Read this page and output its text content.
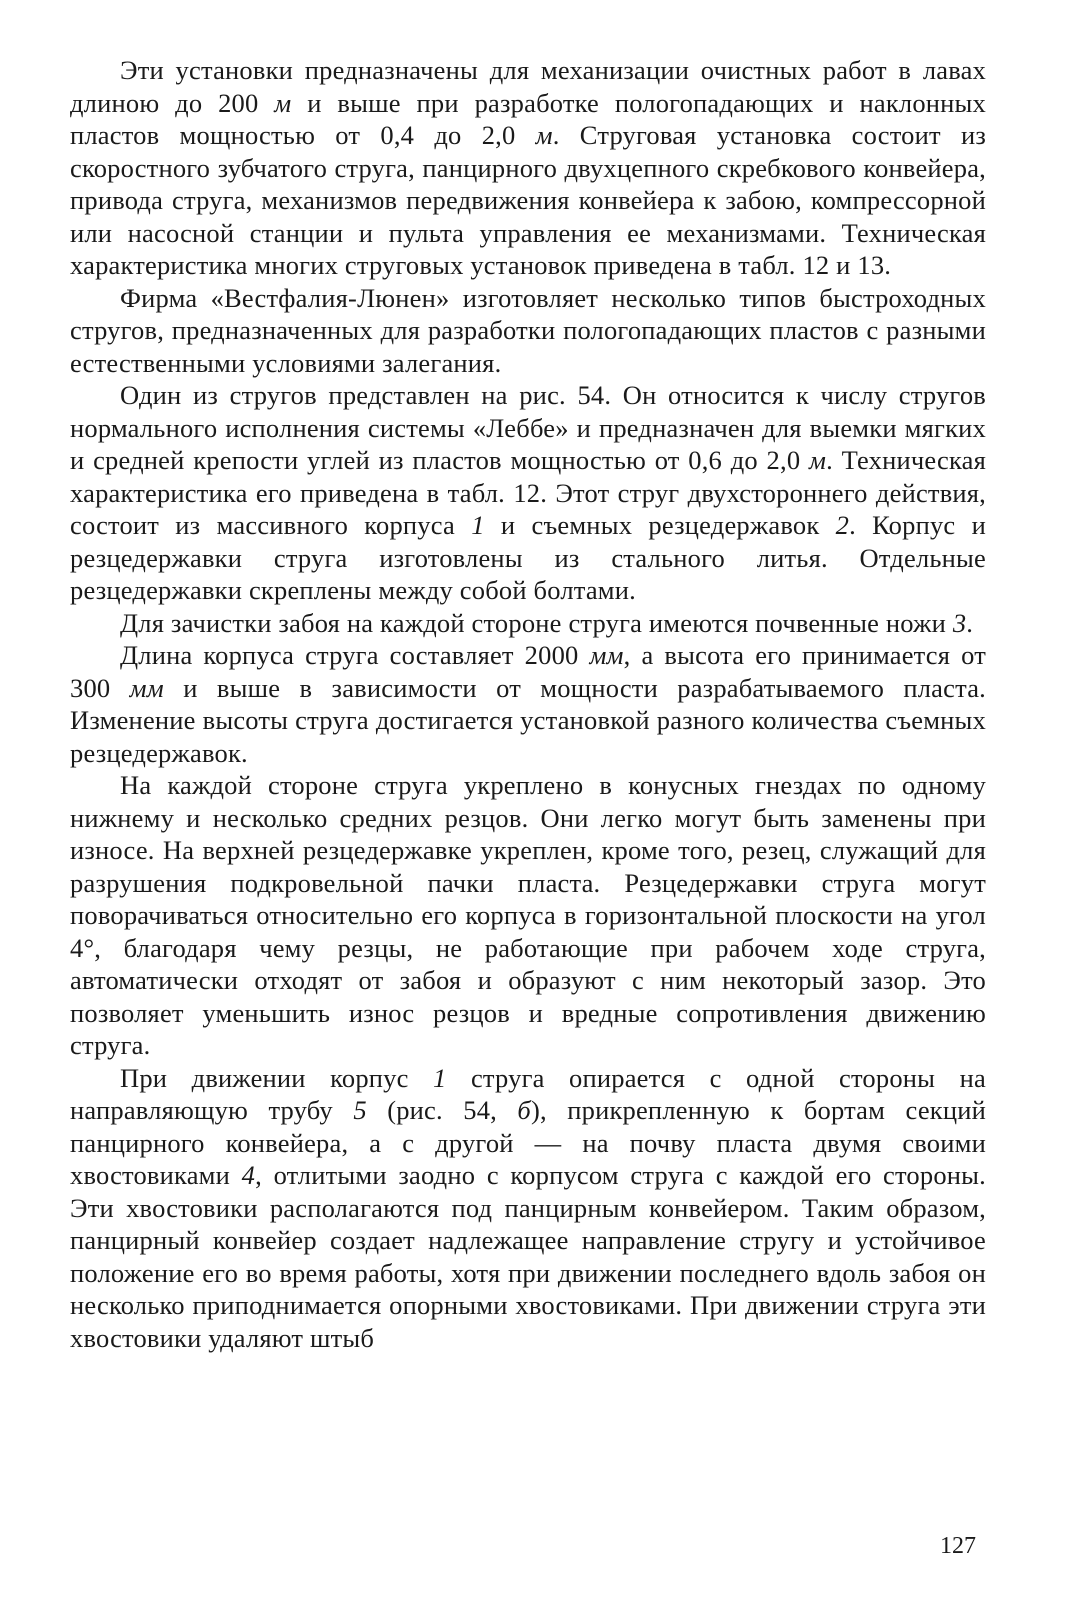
Эти установки предназначены для механизации очистных работ в лавах длиною до 200 м и выше при разработке пологопадающих и наклонных пластов мощностью от 0,4 до 2,0 м. Струговая установка состоит из скоростного зубчатого струга, панцирного двухцепного скребкового конвейера, привода струга, механизмов передвижения конвейера к забою, компрессорной или насосной станции и пульта управления ее механизмами. Техническая характеристика многих струговых установок приведена в табл. 12 и 13.

Фирма «Вестфалия-Люнен» изготовляет несколько типов быстроходных стругов, предназначенных для разработки пологопадающих пластов с разными естественными условиями залегания.

Один из стругов представлен на рис. 54. Он относится к числу стругов нормального исполнения системы «Леббе» и предназначен для выемки мягких и средней крепости углей из пластов мощностью от 0,6 до 2,0 м. Техническая характеристика его приведена в табл. 12. Этот струг двухстороннего действия, состоит из массивного корпуса 1 и съемных резцедержавок 2. Корпус и резцедержавки струга изготовлены из стального литья. Отдельные резцедержавки скреплены между собой болтами.

Для зачистки забоя на каждой стороне струга имеются почвенные ножи 3.

Длина корпуса струга составляет 2000 мм, а высота его принимается от 300 мм и выше в зависимости от мощности разрабатываемого пласта. Изменение высоты струга достигается установкой разного количества съемных резцедержавок.

На каждой стороне струга укреплено в конусных гнездах по одному нижнему и несколько средних резцов. Они легко могут быть заменены при износе. На верхней резцедержавке укреплен, кроме того, резец, служащий для разрушения подкровельной пачки пласта. Резцедержавки струга могут поворачиваться относительно его корпуса в горизонтальной плоскости на угол 4°, благодаря чему резцы, не работающие при рабочем ходе струга, автоматически отходят от забоя и образуют с ним некоторый зазор. Это позволяет уменьшить износ резцов и вредные сопротивления движению струга.

При движении корпус 1 струга опирается с одной стороны на направляющую трубу 5 (рис. 54, б), прикрепленную к бортам секций панцирного конвейера, а с другой — на почву пласта двумя своими хвостовиками 4, отлитыми заодно с корпусом струга с каждой его стороны. Эти хвостовики располагаются под панцирным конвейером. Таким образом, панцирный конвейер создает надлежащее направление стругу и устойчивое положение его во время работы, хотя при движении последнего вдоль забоя он несколько приподнимается опорными хвостовиками. При движении струга эти хвостовики удаляют штыб

127
